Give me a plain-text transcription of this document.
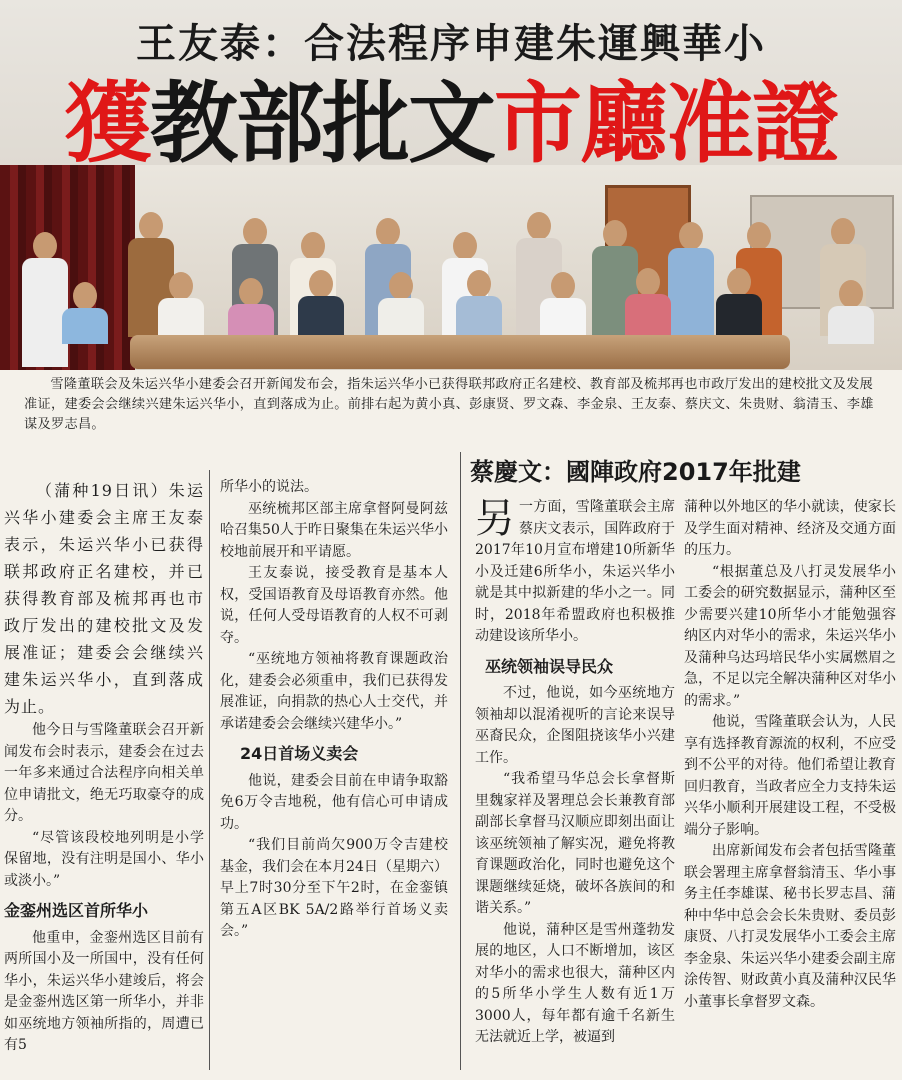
王友泰：合法程序申建朱運興華小
獲教部批文市廳准證
雪隆董联会及朱运兴华小建委会召开新闻发布会，指朱运兴华小已获得联邦政府正名建校、教育部及梳邦再也市政厅发出的建校批文及发展准证，建委会会继续兴建朱运兴华小，直到落成为止。前排右起为黄小真、彭康贤、罗文森、李金泉、王友泰、蔡庆文、朱贵财、翁清玉、李雄谋及罗志昌。

（蒲种19日讯）朱运兴华小建委会主席王友泰表示，朱运兴华小已获得联邦政府正名建校，并已获得教育部及梳邦再也市政厅发出的建校批文及发展准证；建委会会继续兴建朱运兴华小，直到落成为止。

他今日与雪隆董联会召开新闻发布会时表示，建委会在过去一年多来通过合法程序向相关单位申请批文，绝无巧取豪夺的成分。

“尽管该段校地列明是小学保留地，没有注明是国小、华小或淡小。”

金銮州选区首所华小

他重申，金銮州选区目前有两所国小及一所国中，没有任何华小，朱运兴华小建竣后，将会是金銮州选区第一所华小，并非如巫统地方领袖所指的，周遭已有5

所华小的说法。

巫统梳邦区部主席拿督阿曼阿兹哈召集50人于昨日聚集在朱运兴华小校地前展开和平请愿。

王友泰说，接受教育是基本人权，受国语教育及母语教育亦然。他说，任何人受母语教育的人权不可剥夺。

“巫统地方领袖将教育课题政治化，建委会必须重申，我们已获得发展准证，向捐款的热心人士交代，并承诺建委会会继续兴建华小。”

24日首场义卖会

他说，建委会目前在申请争取豁免6万令吉地税，他有信心可申请成功。

“我们目前尚欠900万令吉建校基金，我们会在本月24日（星期六）早上7时30分至下午2时，在金銮镇第五A区BK 5A/2路举行首场义卖会。”

蔡慶文：國陣政府2017年批建

另一方面，雪隆董联会主席蔡庆文表示，国阵政府于2017年10月宣布增建10所新华小及迁建6所华小，朱运兴华小就是其中拟新建的华小之一。同时，2018年希盟政府也积极推动建设该所华小。

巫统领袖误导民众

不过，他说，如今巫统地方领袖却以混淆视听的言论来误导巫裔民众，企图阻挠该华小兴建工作。

“我希望马华总会长拿督斯里魏家祥及署理总会长兼教育部副部长拿督马汉顺应即刻出面让该巫统领袖了解实况，避免将教育课题政治化，同时也避免这个课题继续延烧，破坏各族间的和谐关系。”

他说，蒲种区是雪州蓬勃发展的地区，人口不断增加，该区对华小的需求也很大，蒲种区内的5所华小学生人数有近1万3000人，每年都有逾千名新生无法就近上学，被逼到

蒲种以外地区的华小就读，使家长及学生面对精神、经济及交通方面的压力。

“根据董总及八打灵发展华小工委会的研究数据显示，蒲种区至少需要兴建10所华小才能勉强容纳区内对华小的需求，朱运兴华小及蒲种乌达玛培民华小实属燃眉之急，不足以完全解决蒲种区对华小的需求。”

他说，雪隆董联会认为，人民享有选择教育源流的权利，不应受到不公平的对待。他们希望让教育回归教育，当政者应全力支持朱运兴华小顺利开展建设工程，不受极端分子影响。

出席新闻发布会者包括雪隆董联会署理主席拿督翁清玉、华小事务主任李雄谋、秘书长罗志昌、蒲种中华中总会会长朱贵财、委员彭康贤、八打灵发展华小工委会主席李金泉、朱运兴华小建委会副主席涂传智、财政黄小真及蒲种汉民华小董事长拿督罗文森。
